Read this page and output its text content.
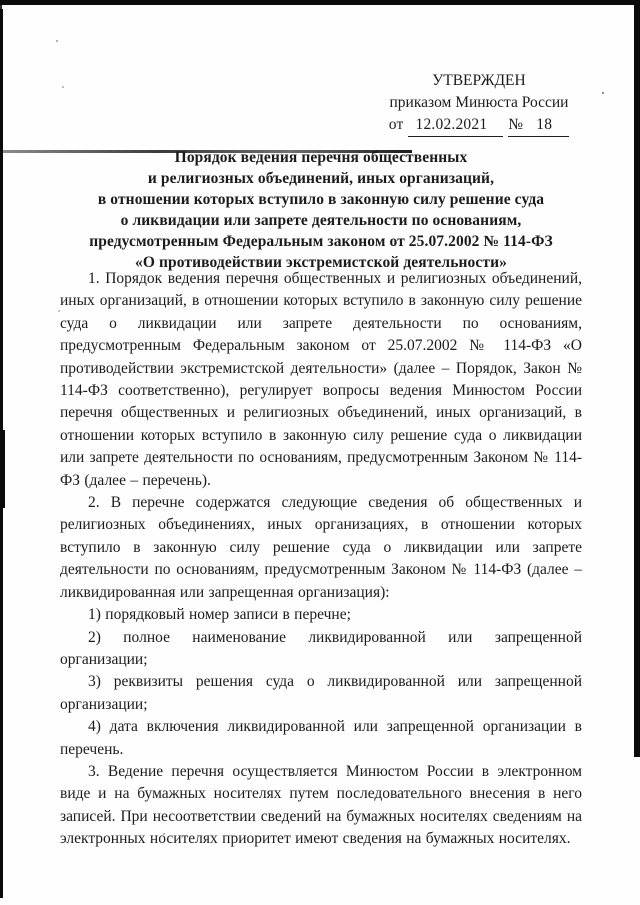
УТВЕРЖДЕН
приказом Минюста России
от 12.02.2021 № 18
Порядок ведения перечня общественных
и религиозных объединений, иных организаций,
в отношении которых вступило в законную силу решение суда
о ликвидации или запрете деятельности по основаниям,
предусмотренным Федеральным законом от 25.07.2002 № 114-ФЗ
«О противодействии экстремистской деятельности»

1. Порядок ведения перечня общественных и религиозных объединений, иных организаций, в отношении которых вступило в законную силу решение суда о ликвидации или запрете деятельности по основаниям, предусмотренным Федеральным законом от 25.07.2002 № 114-ФЗ «О противодействии экстремистской деятельности» (далее – Порядок, Закон № 114-ФЗ соответственно), регулирует вопросы ведения Минюстом России перечня общественных и религиозных объединений, иных организаций, в отношении которых вступило в законную силу решение суда о ликвидации или запрете деятельности по основаниям, предусмотренным Законом № 114-ФЗ (далее – перечень).

2. В перечне содержатся следующие сведения об общественных и религиозных объединениях, иных организациях, в отношении которых вступило в законную силу решение суда о ликвидации или запрете деятельности по основаниям, предусмотренным Законом № 114-ФЗ (далее – ликвидированная или запрещенная организация):

1) порядковый номер записи в перечне;

2) полное наименование ликвидированной или запрещенной организации;

3) реквизиты решения суда о ликвидированной или запрещенной организации;

4) дата включения ликвидированной или запрещенной организации в перечень.

3. Ведение перечня осуществляется Минюстом России в электронном виде и на бумажных носителях путем последовательного внесения в него записей. При несоответствии сведений на бумажных носителях сведениям на электронных носителях приоритет имеют сведения на бумажных носителях.
